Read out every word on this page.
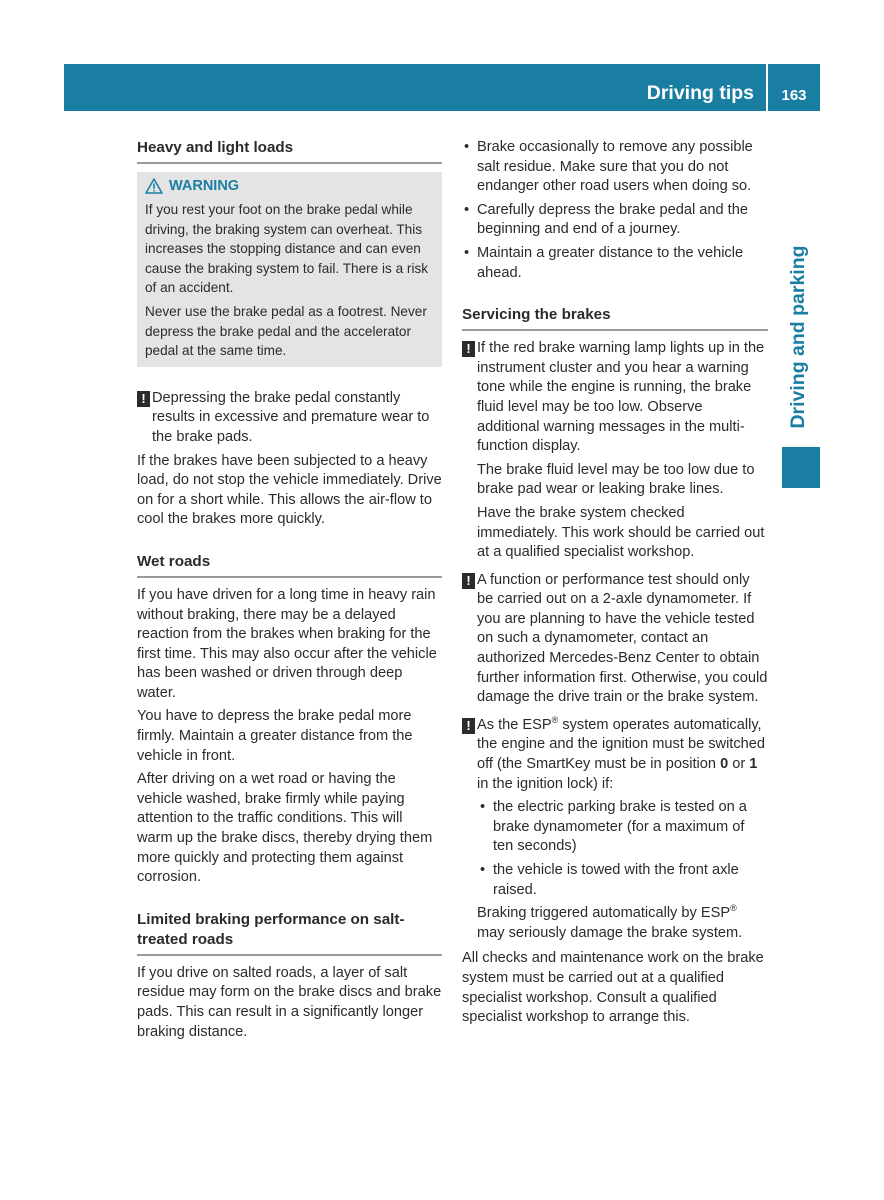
Driving tips	163
Driving and parking
Heavy and light loads
WARNING

If you rest your foot on the brake pedal while driving, the braking system can overheat. This increases the stopping distance and can even cause the braking system to fail. There is a risk of an accident.

Never use the brake pedal as a footrest. Never depress the brake pedal and the accelerator pedal at the same time.

! Depressing the brake pedal constantly results in excessive and premature wear to the brake pads.

If the brakes have been subjected to a heavy load, do not stop the vehicle immediately. Drive on for a short while. This allows the air-flow to cool the brakes more quickly.

Wet roads

If you have driven for a long time in heavy rain without braking, there may be a delayed reaction from the brakes when braking for the first time. This may also occur after the vehicle has been washed or driven through deep water.

You have to depress the brake pedal more firmly. Maintain a greater distance from the vehicle in front.

After driving on a wet road or having the vehicle washed, brake firmly while paying attention to the traffic conditions. This will warm up the brake discs, thereby drying them more quickly and protecting them against corrosion.

Limited braking performance on salt-treated roads

If you drive on salted roads, a layer of salt residue may form on the brake discs and brake pads. This can result in a significantly longer braking distance.

• Brake occasionally to remove any possible salt residue. Make sure that you do not endanger other road users when doing so.
• Carefully depress the brake pedal and the beginning and end of a journey.
• Maintain a greater distance to the vehicle ahead.
Servicing the brakes
! If the red brake warning lamp lights up in the instrument cluster and you hear a warning tone while the engine is running, the brake fluid level may be too low. Observe additional warning messages in the multi-function display.

The brake fluid level may be too low due to brake pad wear or leaking brake lines.

Have the brake system checked immediately. This work should be carried out at a qualified specialist workshop.

! A function or performance test should only be carried out on a 2-axle dynamometer. If you are planning to have the vehicle tested on such a dynamometer, contact an authorized Mercedes-Benz Center to obtain further information first. Otherwise, you could damage the drive train or the brake system.
! As the ESP® system operates automatically, the engine and the ignition must be switched off (the SmartKey must be in position 0 or 1 in the ignition lock) if:
• the electric parking brake is tested on a brake dynamometer (for a maximum of ten seconds)
• the vehicle is towed with the front axle raised.

Braking triggered automatically by ESP® may seriously damage the brake system.

All checks and maintenance work on the brake system must be carried out at a qualified specialist workshop. Consult a qualified specialist workshop to arrange this.
